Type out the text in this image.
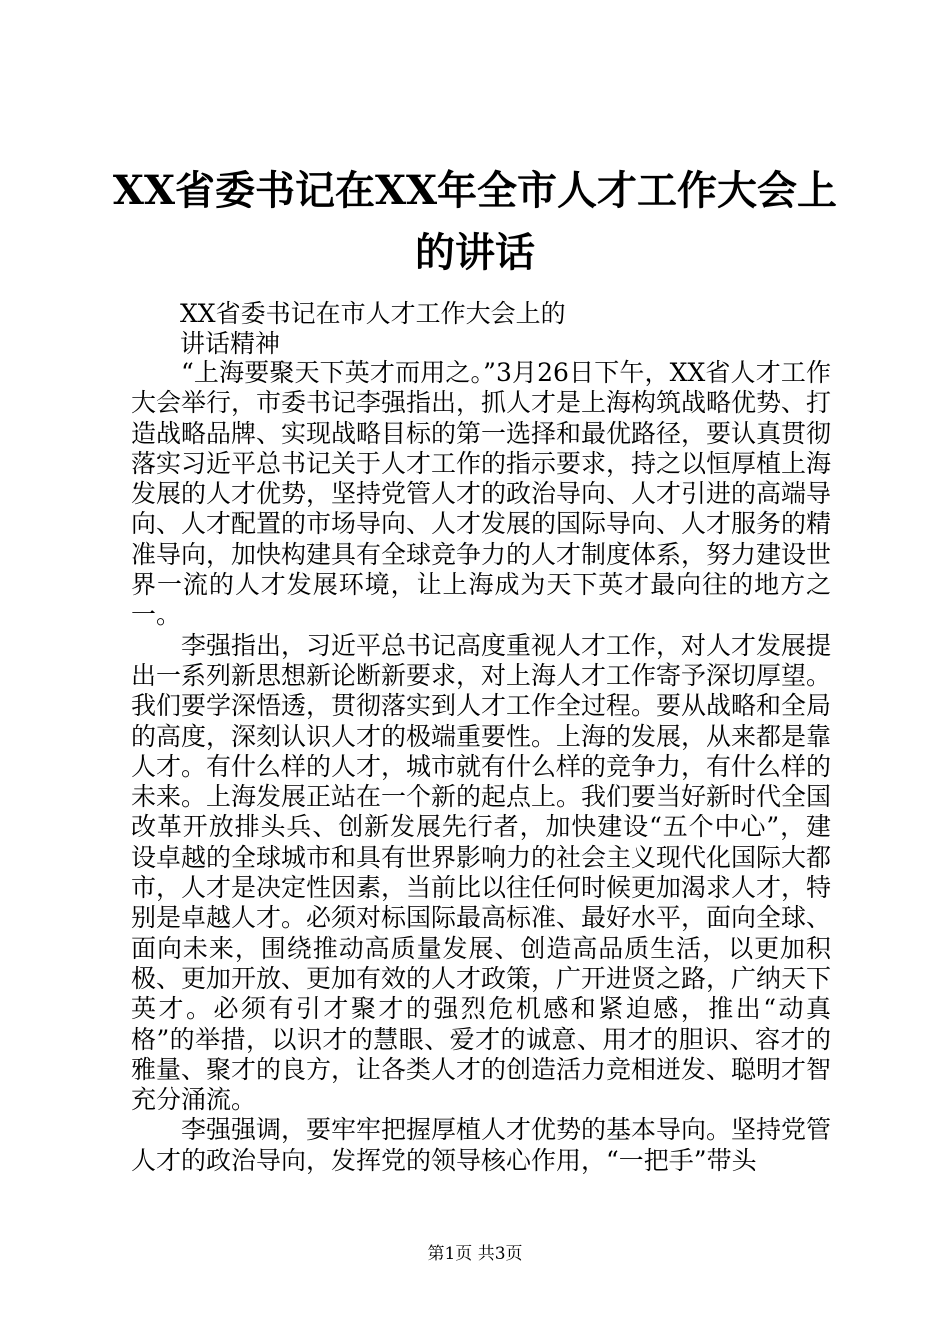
XX省委书记在XX年全市人才工作大会上的讲话
XX省委书记在市人才工作大会上的
讲话精神

“上海要聚天下英才而用之。”3月26日下午，XX省人才工作大会举行，市委书记李强指出，抓人才是上海构筑战略优势、打造战略品牌、实现战略目标的第一选择和最优路径，要认真贯彻落实习近平总书记关于人才工作的指示要求，持之以恒厚植上海发展的人才优势，坚持党管人才的政治导向、人才引进的高端导向、人才配置的市场导向、人才发展的国际导向、人才服务的精准导向，加快构建具有全球竞争力的人才制度体系，努力建设世界一流的人才发展环境，让上海成为天下英才最向往的地方之一。

李强指出，习近平总书记高度重视人才工作，对人才发展提出一系列新思想新论断新要求，对上海人才工作寄予深切厚望。我们要学深悟透，贯彻落实到人才工作全过程。要从战略和全局的高度，深刻认识人才的极端重要性。上海的发展，从来都是靠人才。有什么样的人才，城市就有什么样的竞争力，有什么样的未来。上海发展正站在一个新的起点上。我们要当好新时代全国改革开放排头兵、创新发展先行者，加快建设“五个中心”，建设卓越的全球城市和具有世界影响力的社会主义现代化国际大都市，人才是决定性因素，当前比以往任何时候更加渴求人才，特别是卓越人才。必须对标国际最高标准、最好水平，面向全球、面向未来，围绕推动高质量发展、创造高品质生活，以更加积极、更加开放、更加有效的人才政策，广开进贤之路，广纳天下英才。必须有引才聚才的强烈危机感和紧迫感，推出“动真格”的举措，以识才的慧眼、爱才的诚意、用才的胆识、容才的雅量、聚才的良方，让各类人才的创造活力竞相迸发、聪明才智充分涌流。

李强强调，要牢牢把握厚植人才优势的基本导向。坚持党管人才的政治导向，发挥党的领导核心作用，“一把手”带头

第1页 共3页
